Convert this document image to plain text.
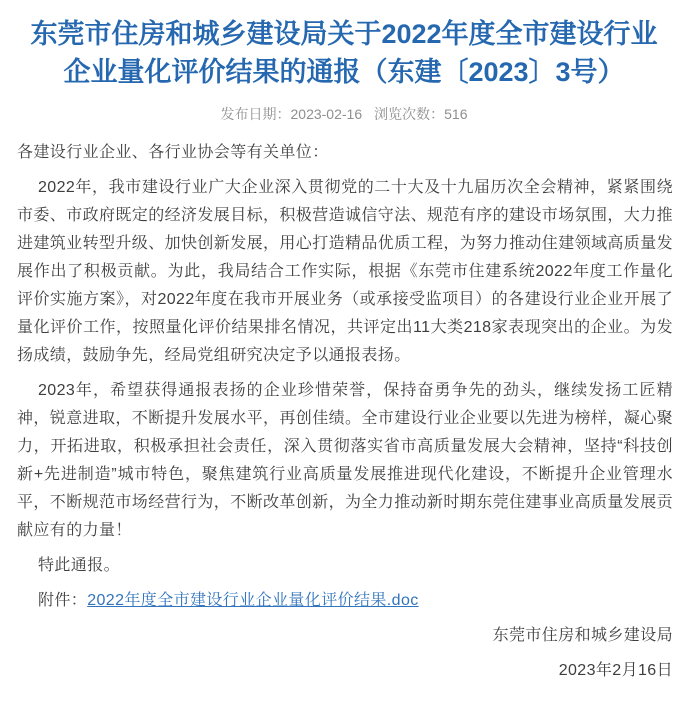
东莞市住房和城乡建设局关于2022年度全市建设行业企业量化评价结果的通报（东建〔2023〕3号）
发布日期：2023-02-16 浏览次数：516

各建设行业企业、各行业协会等有关单位：

2022年，我市建设行业广大企业深入贯彻党的二十大及十九届历次全会精神，紧紧围绕市委、市政府既定的经济发展目标，积极营造诚信守法、规范有序的建设市场氛围，大力推进建筑业转型升级、加快创新发展，用心打造精品优质工程，为努力推动住建领域高质量发展作出了积极贡献。为此，我局结合工作实际，根据《东莞市住建系统2022年度工作量化评价实施方案》，对2022年度在我市开展业务（或承接受监项目）的各建设行业企业开展了量化评价工作，按照量化评价结果排名情况，共评定出11大类218家表现突出的企业。为发扬成绩，鼓励争先，经局党组研究决定予以通报表扬。

2023年，希望获得通报表扬的企业珍惜荣誉，保持奋勇争先的劲头，继续发扬工匠精神，锐意进取，不断提升发展水平，再创佳绩。全市建设行业企业要以先进为榜样，凝心聚力，开拓进取，积极承担社会责任，深入贯彻落实省市高质量发展大会精神，坚持“科技创新+先进制造”城市特色，聚焦建筑行业高质量发展推进现代化建设，不断提升企业管理水平，不断规范市场经营行为，不断改革创新，为全力推动新时期东莞住建事业高质量发展贡献应有的力量！

特此通报。

附件：2022年度全市建设行业企业量化评价结果.doc

东莞市住房和城乡建设局

2023年2月16日
